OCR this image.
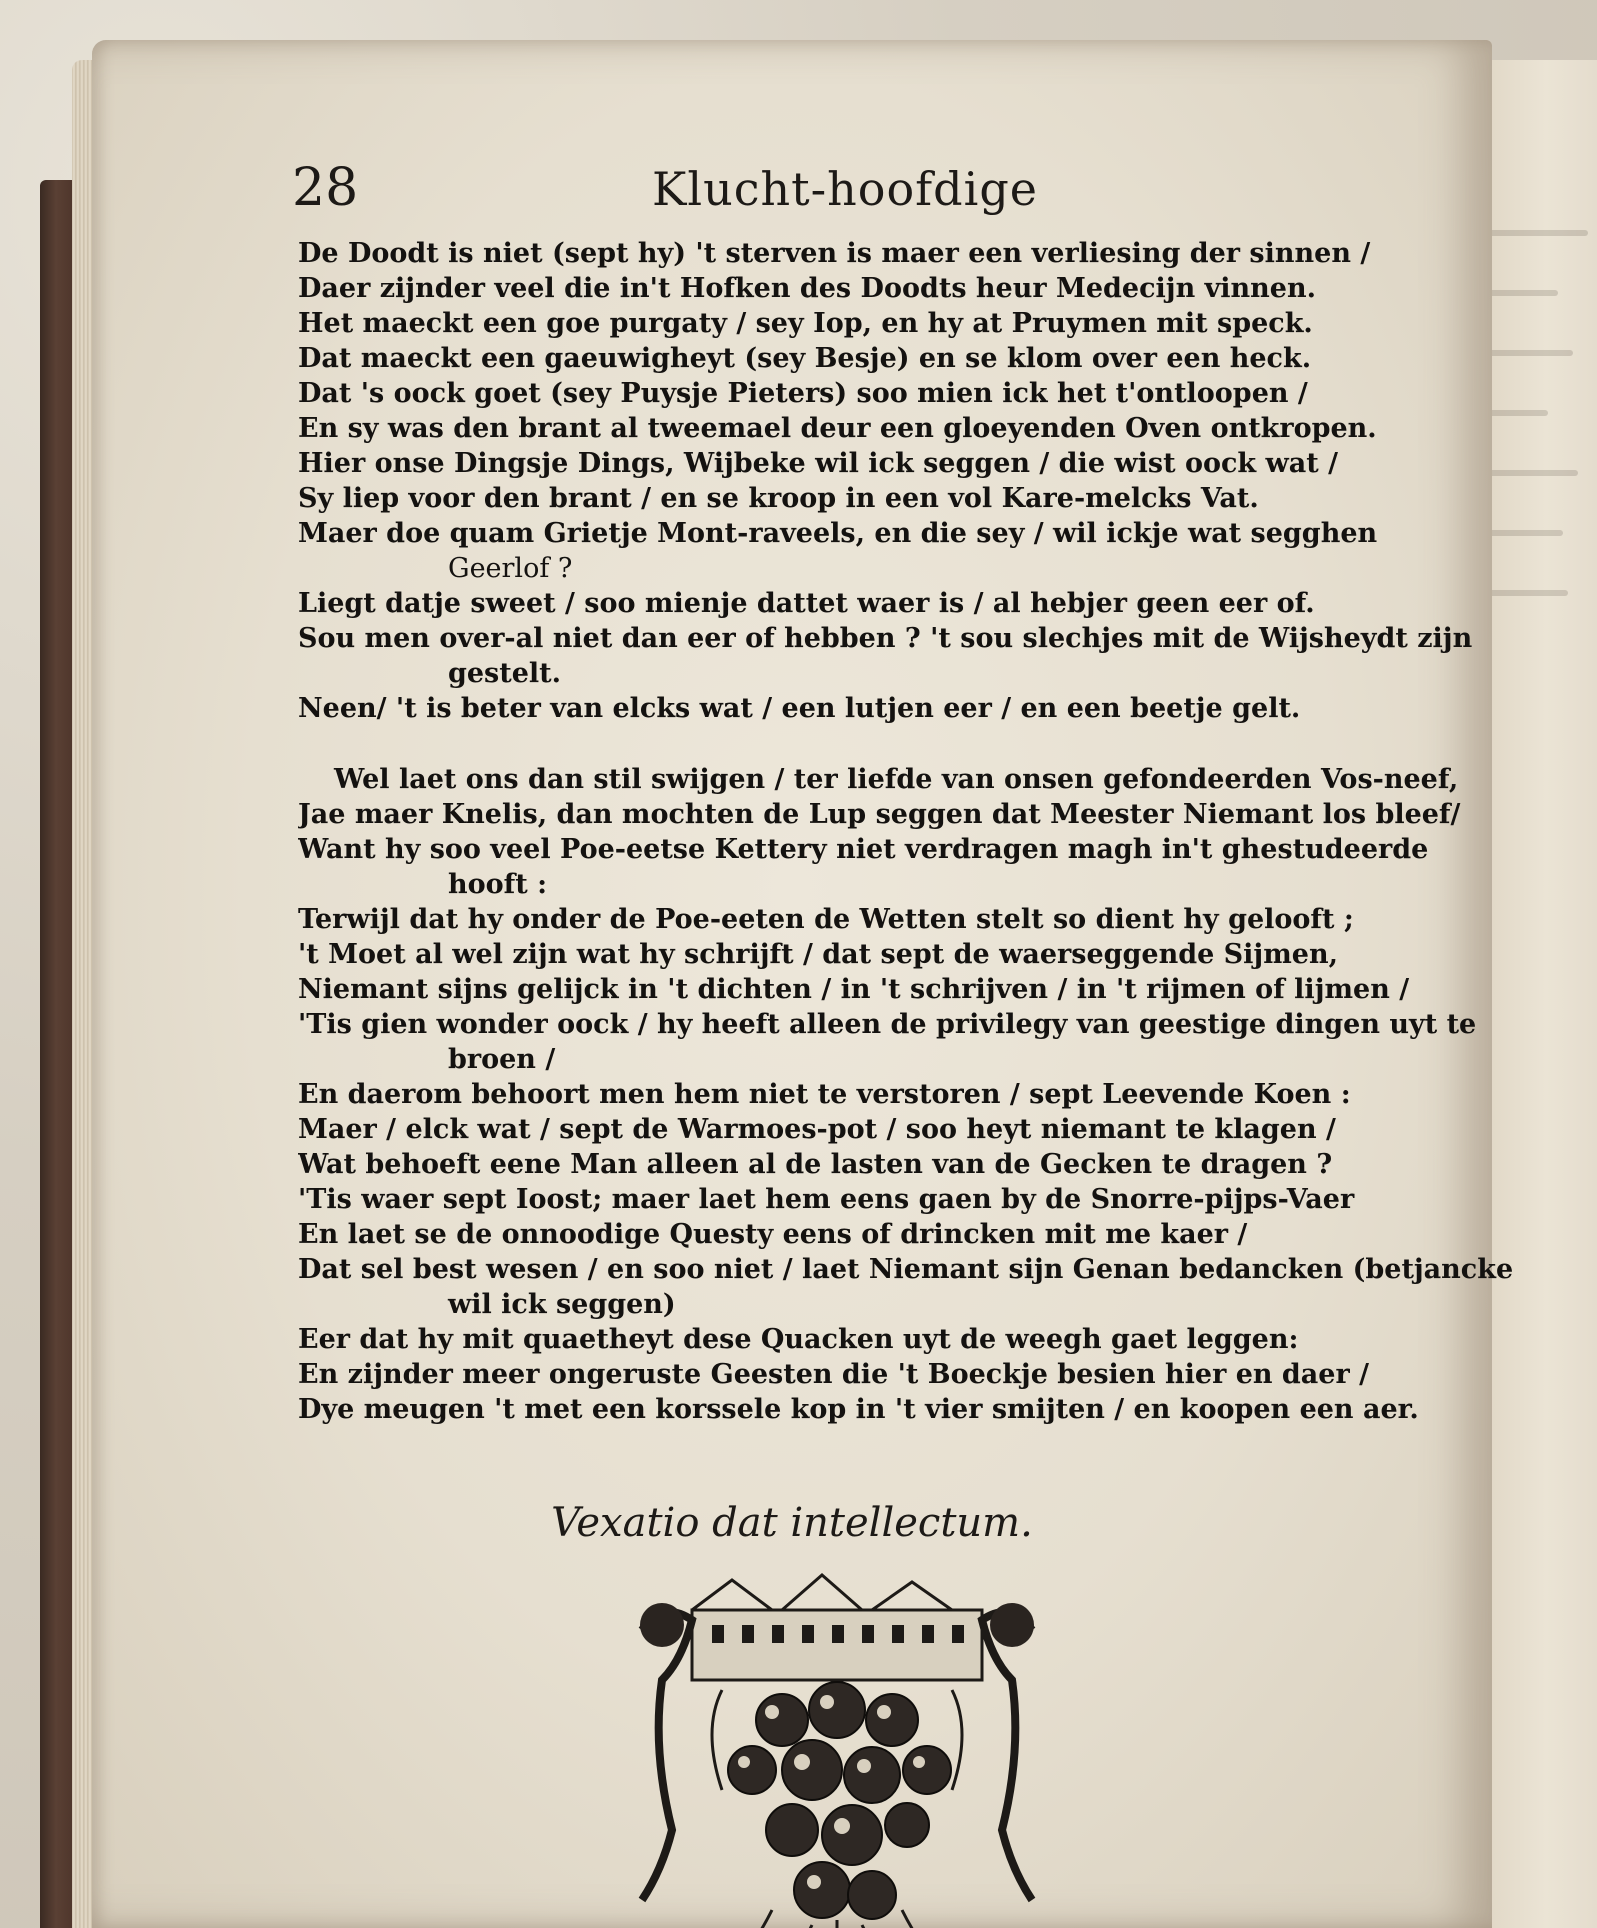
28	Klucht-hoofdige
De Doodt is niet (sept hy) 't sterven is maer een verliesing der sinnen /
Daer zijnder veel die in't Hofken des Doodts heur Medecijn vinnen.
Het maeckt een goe purgaty / sey Iop, en hy at Pruymen mit speck.
Dat maeckt een gaeuwigheyt (sey Besje) en se klom over een heck.
Dat 's oock goet (sey Puysje Pieters) soo mien ick het t'ontloopen /
En sy was den brant al tweemael deur een gloeyenden Oven ontkropen.
Hier onse Dingsje Dings, Wijbeke wil ick seggen / die wist oock wat /
Sy liep voor den brant / en se kroop in een vol Kare-melcks Vat.
Maer doe quam Grietje Mont-raveels, en die sey / wil ickje wat segghen
Geerlof ?
Liegt datje sweet / soo mienje dattet waer is / al hebjer geen eer of.
Sou men over-al niet dan eer of hebben ? 't sou slechjes mit de Wijsheydt zijn
gestelt.
Neen/ 't is beter van elcks wat / een lutjen eer / en een beetje gelt.
Wel laet ons dan stil swijgen / ter liefde van onsen gefondeerden Vos-neef,
Jae maer Knelis, dan mochten de Lup seggen dat Meester Niemant los bleef/
Want hy soo veel Poe-eetse Kettery niet verdragen magh in't ghestudeerde
hooft :
Terwijl dat hy onder de Poe-eeten de Wetten stelt so dient hy gelooft ;
't Moet al wel zijn wat hy schrijft / dat sept de waerseggende Sijmen,
Niemant sijns gelijck in 't dichten / in 't schrijven / in 't rijmen of lijmen /
'Tis gien wonder oock / hy heeft alleen de privilegy van geestige dingen uyt te
broen /
En daerom behoort men hem niet te verstoren / sept Leevende Koen :
Maer / elck wat / sept de Warmoes-pot / soo heyt niemant te klagen /
Wat behoeft eene Man alleen al de lasten van de Gecken te dragen ?
'Tis waer sept Ioost; maer laet hem eens gaen by de Snorre-pijps-Vaer
En laet se de onnoodige Questy eens of drincken mit me kaer /
Dat sel best wesen / en soo niet / laet Niemant sijn Genan bedancken (betjancke
wil ick seggen)
Eer dat hy mit quaetheyt dese Quacken uyt de weegh gaet leggen:
En zijnder meer ongeruste Geesten die 't Boeckje besien hier en daer /
Dye meugen 't met een korssele kop in 't vier smijten / en koopen een aer.
Vexatio dat intellectum.
